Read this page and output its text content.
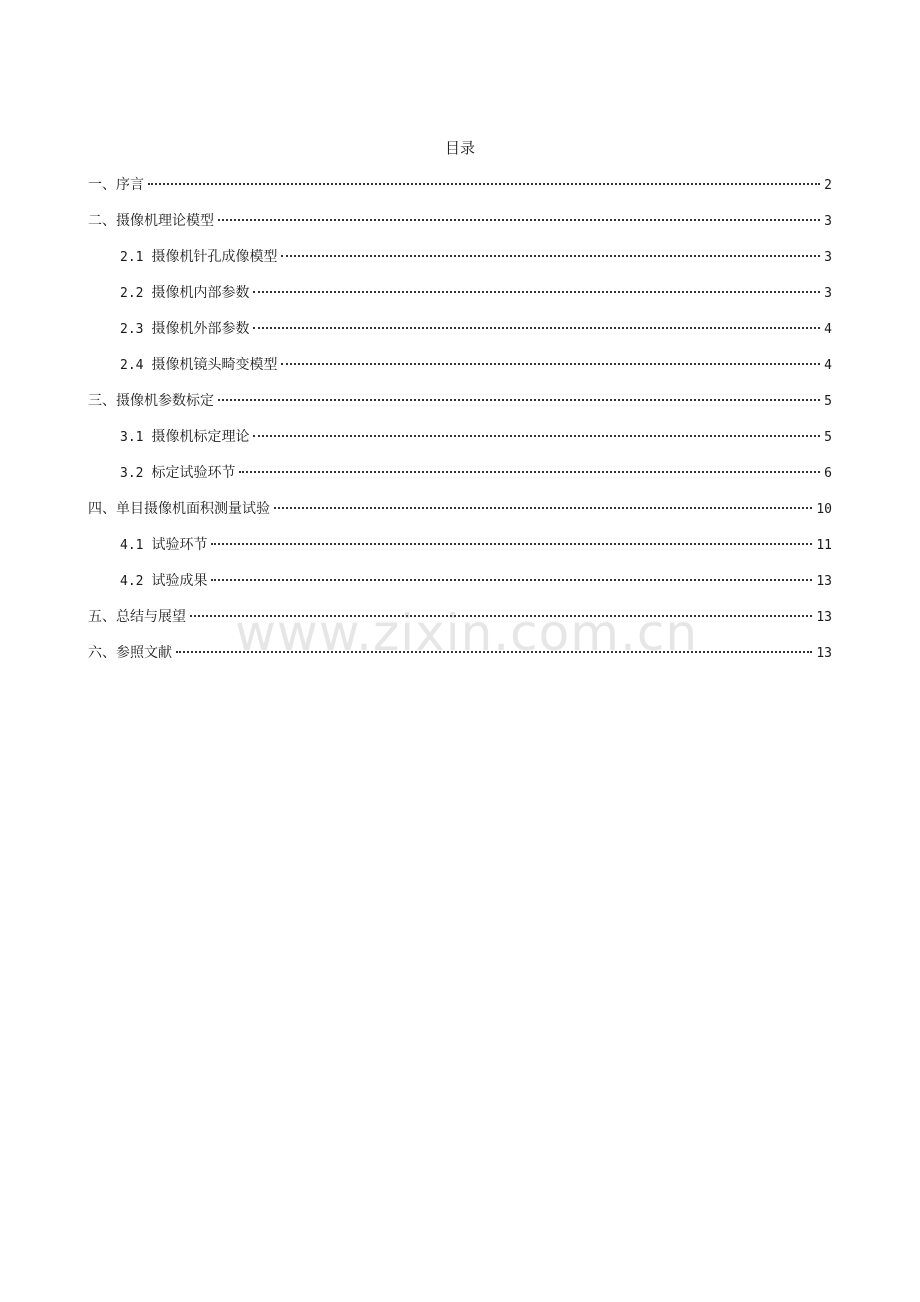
目录
一、序言	2
二、摄像机理论模型	3
2.1 摄像机针孔成像模型	3
2.2 摄像机内部参数	3
2.3 摄像机外部参数	4
2.4 摄像机镜头畸变模型	4
三、摄像机参数标定	5
3.1 摄像机标定理论	5
3.2 标定试验环节	6
四、单目摄像机面积测量试验	10
4.1 试验环节	11
4.2 试验成果	13
五、总结与展望	13
六、参照文献	13
www.zixin.com.cn
